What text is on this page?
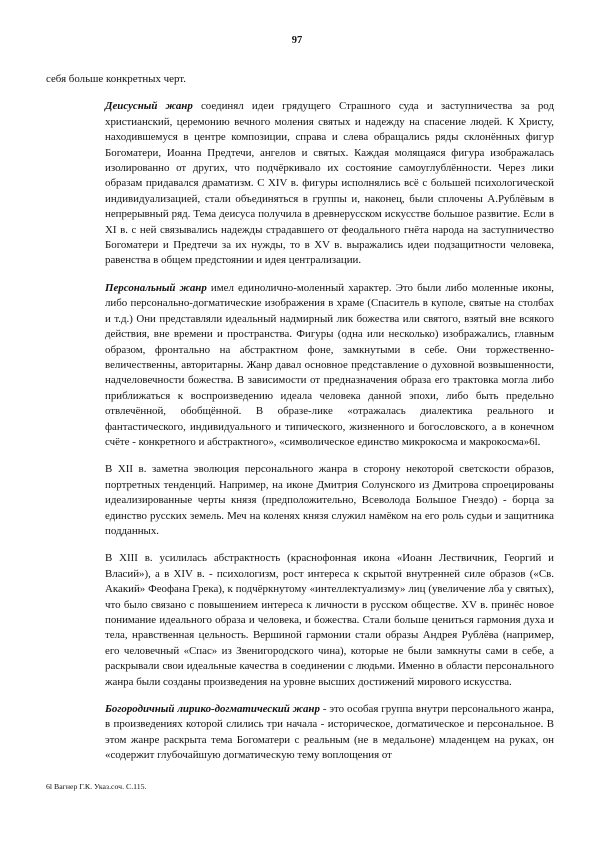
97

себя больше конкретных черт.

Деисусный жанр соединял идеи грядущего Страшного суда и заступничества за род христианский, церемонию вечного моления святых и надежду на спасение людей. К Христу, находившемуся в центре композиции, справа и слева обращались ряды склонённых фигур Богоматери, Иоанна Предтечи, ангелов и святых. Каждая молящаяся фигура изображалась изолированно от других, что подчёркивало их состояние самоуглублённости. Через лики образам придавался драматизм. С XIV в. фигуры исполнялись всё с большей психологической индивидуализацией, стали объединяться в группы и, наконец, были сплочены А.Рублёвым в непрерывный ряд. Тема деисуса получила в древнерусском искусстве большое развитие. Если в XI в. с ней связывались надежды страдавшего от феодального гнёта народа на заступничество Богоматери и Предтечи за их нужды, то в XV в. выражались идеи подзащитности человека, равенства в общем предстоянии и идея централизации.

Персональный жанр имел единолично-моленный характер. Это были либо моленные иконы, либо персонально-догматические изображения в храме (Спаситель в куполе, святые на столбах и т.д.) Они представляли идеальный надмирный лик божества или святого, взятый вне всякого действия, вне времени и пространства. Фигуры (одна или несколько) изображались, главным образом, фронтально на абстрактном фоне, замкнутыми в себе. Они торжественно-величественны, авторитарны. Жанр давал основное представление о духовной возвышенности, надчеловечности божества. В зависимости от предназначения образа его трактовка могла либо приближаться к воспроизведению идеала человека данной эпохи, либо быть предельно отвлечённой, обобщённой. В образе-лике «отражалась диалектика реального и фантастического, индивидуального и типического, жизненного и богословского, а в конечном счёте - конкретного и абстрактного», «символическое единство микрокосма и макрокосма»6l.

В XII в. заметна эволюция персонального жанра в сторону некоторой светскости образов, портретных тенденций. Например, на иконе Дмитрия Солунского из Дмитрова спроецированы идеализированные черты князя (предположительно, Всеволода Большое Гнездо) - борца за единство русских земель. Меч на коленях князя служил намёком на его роль судьи и защитника подданных.

В XIII в. усилилась абстрактность (краснофонная икона «Иоанн Лествичник, Георгий и Власий»), а в XIV в. - психологизм, рост интереса к скрытой внутренней силе образов («Св. Акакий» Феофана Грека), к подчёркнутому «интеллектуализму» лиц (увеличение лба у святых), что было связано с повышением интереса к личности в русском обществе. XV в. принёс новое понимание идеального образа и человека, и божества. Стали больше цениться гармония духа и тела, нравственная цельность. Вершиной гармонии стали образы Андрея Рублёва (например, его человечный «Спас» из Звенигородского чина), которые не были замкнуты сами в себе, а раскрывали свои идеальные качества в соединении с людьми. Именно в области персонального жанра были созданы произведения на уровне высших достижений мирового искусства.

Богородичный лирико-догматический жанр - это особая группа внутри персонального жанра, в произведениях которой слились три начала - историческое, догматическое и персональное. В этом жанре раскрыта тема Богоматери с реальным (не в медальоне) младенцем на руках, он «содержит глубочайшую догматическую тему воплощения от

6l Вагнер Г.К. Указ.соч. С.115.
